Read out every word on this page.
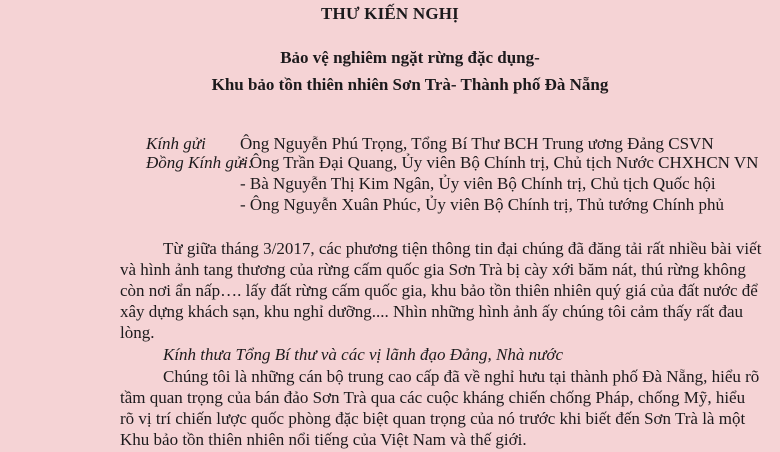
THƯ KIẾN NGHỊ
Bảo vệ nghiêm ngặt rừng đặc dụng-
Khu bảo tồn thiên nhiên Sơn Trà- Thành phố Đà Nẵng
Kính gửi Ông Nguyễn Phú Trọng, Tổng Bí Thư BCH Trung ương Đảng CSVN
Đồng Kính gửi:
- Ông Trần Đại Quang, Ủy viên Bộ Chính trị, Chủ tịch Nước CHXHCN VN
- Bà Nguyễn Thị Kim Ngân, Ủy viên Bộ Chính trị, Chủ tịch Quốc hội
- Ông Nguyễn Xuân Phúc, Ủy viên Bộ Chính trị, Thủ tướng Chính phủ
Từ giữa tháng 3/2017, các phương tiện thông tin đại chúng đã đăng tải rất nhiều bài viết
và hình ảnh tang thương của rừng cấm quốc gia Sơn Trà bị cày xới băm nát, thú rừng không
còn nơi ẩn nấp…. lấy đất rừng cấm quốc gia, khu bảo tồn thiên nhiên quý giá của đất nước để
xây dựng khách sạn, khu nghỉ dưỡng.... Nhìn những hình ảnh ấy chúng tôi cảm thấy rất đau
lòng.
Kính thưa Tổng Bí thư và các vị lãnh đạo Đảng, Nhà nước
Chúng tôi là những cán bộ trung cao cấp đã về nghỉ hưu tại thành phố Đà Nẵng, hiểu rõ
tầm quan trọng của bán đảo Sơn Trà qua các cuộc kháng chiến chống Pháp, chống Mỹ, hiểu
rõ vị trí chiến lược quốc phòng đặc biệt quan trọng của nó trước khi biết đến Sơn Trà là một
Khu bảo tồn thiên nhiên nổi tiếng của Việt Nam và thế giới.
